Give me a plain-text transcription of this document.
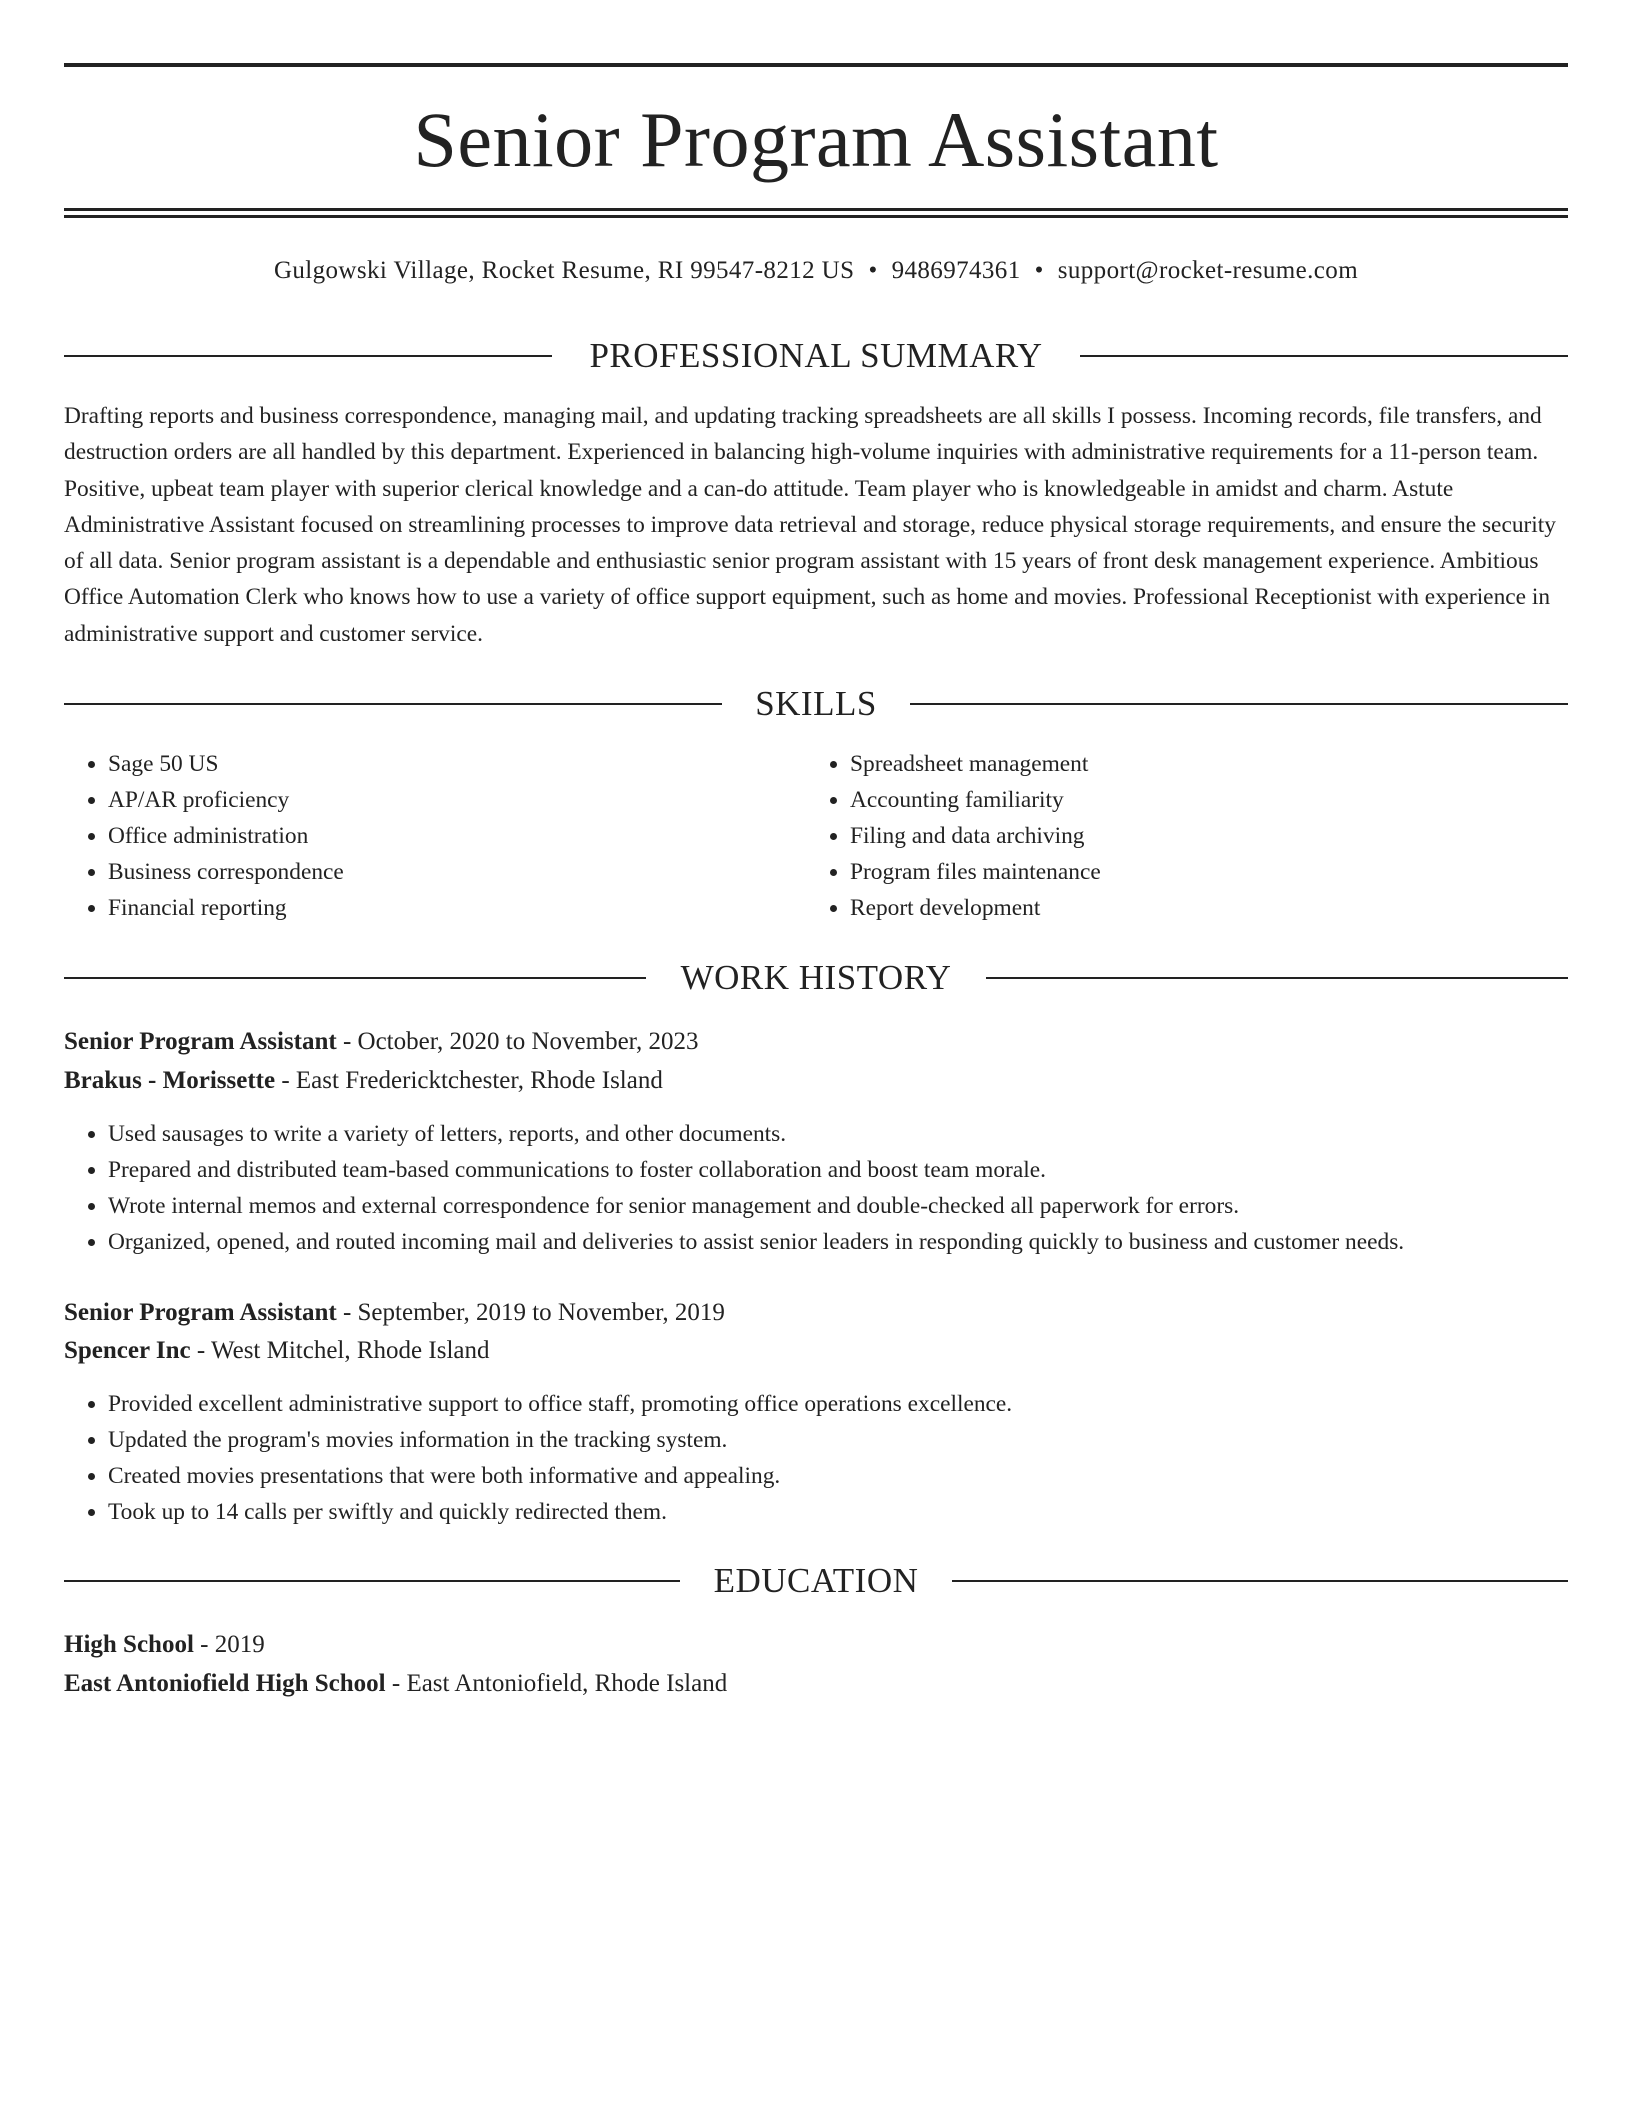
Senior Program Assistant
Gulgowski Village, Rocket Resume, RI 99547-8212 US • 9486974361 • support@rocket-resume.com
PROFESSIONAL SUMMARY

Drafting reports and business correspondence, managing mail, and updating tracking spreadsheets are all skills I possess. Incoming records, file transfers, and destruction orders are all handled by this department. Experienced in balancing high-volume inquiries with administrative requirements for a 11-person team. Positive, upbeat team player with superior clerical knowledge and a can-do attitude. Team player who is knowledgeable in amidst and charm. Astute Administrative Assistant focused on streamlining processes to improve data retrieval and storage, reduce physical storage requirements, and ensure the security of all data. Senior program assistant is a dependable and enthusiastic senior program assistant with 15 years of front desk management experience. Ambitious Office Automation Clerk who knows how to use a variety of office support equipment, such as home and movies. Professional Receptionist with experience in administrative support and customer service.

SKILLS
• Sage 50 US
• AP/AR proficiency
• Office administration
• Business correspondence
• Financial reporting
• Spreadsheet management
• Accounting familiarity
• Filing and data archiving
• Program files maintenance
• Report development
WORK HISTORY
Senior Program Assistant - October, 2020 to November, 2023
Brakus - Morissette - East Fredericktchester, Rhode Island
• Used sausages to write a variety of letters, reports, and other documents.
• Prepared and distributed team-based communications to foster collaboration and boost team morale.
• Wrote internal memos and external correspondence for senior management and double-checked all paperwork for errors.
• Organized, opened, and routed incoming mail and deliveries to assist senior leaders in responding quickly to business and customer needs.
Senior Program Assistant - September, 2019 to November, 2019
Spencer Inc - West Mitchel, Rhode Island
• Provided excellent administrative support to office staff, promoting office operations excellence.
• Updated the program's movies information in the tracking system.
• Created movies presentations that were both informative and appealing.
• Took up to 14 calls per swiftly and quickly redirected them.
EDUCATION
High School - 2019
East Antoniofield High School - East Antoniofield, Rhode Island
